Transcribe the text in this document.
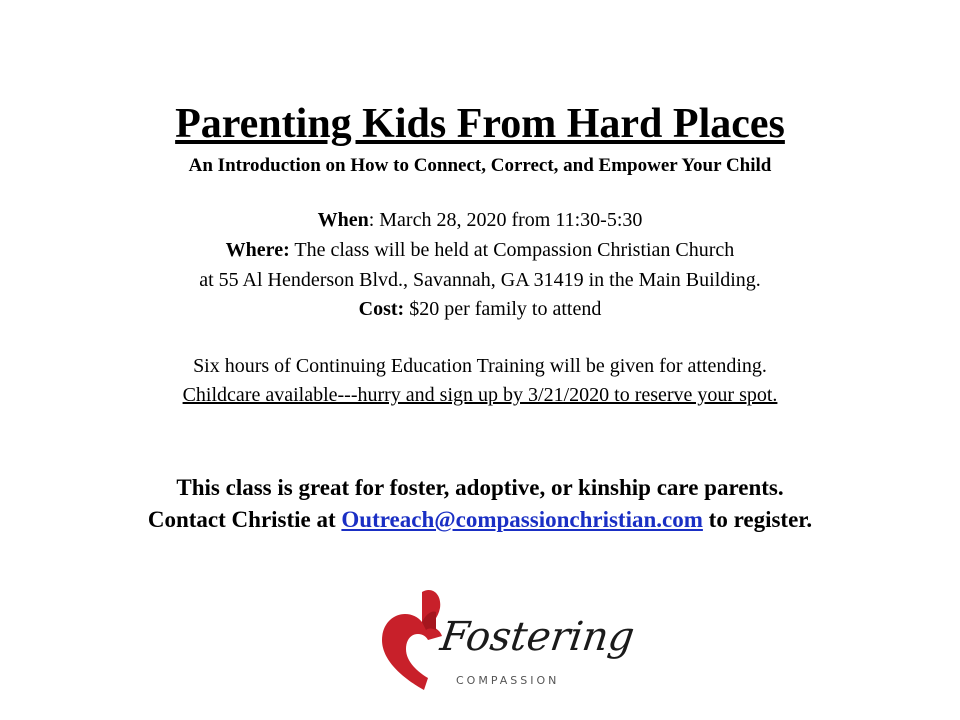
Parenting Kids From Hard Places
An Introduction on How to Connect, Correct, and Empower Your Child
When: March 28, 2020 from 11:30-5:30
Where: The class will be held at Compassion Christian Church
at 55 Al Henderson Blvd., Savannah, GA 31419 in the Main Building.
Cost: $20 per family to attend
Six hours of Continuing Education Training will be given for attending.
Childcare available---hurry and sign up by 3/21/2020 to reserve your spot.
This class is great for foster, adoptive, or kinship care parents.
Contact Christie at Outreach@compassionchristian.com to register.
Fostering
COMPASSION
